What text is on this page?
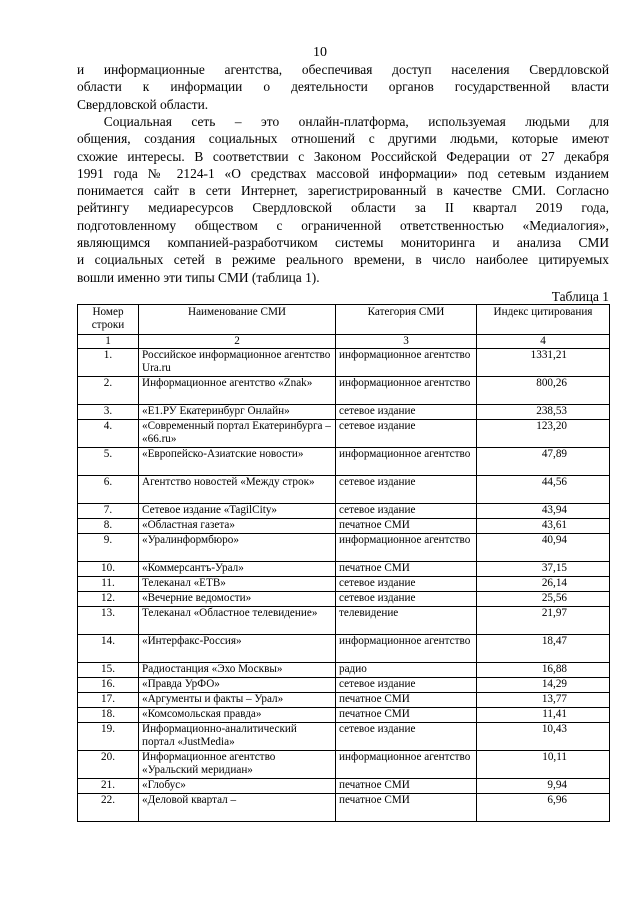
10

и информационные агентства, обеспечивая доступ населения Свердловской
области к информации о деятельности органов государственной власти
Свердловской области.

  Социальная сеть – это онлайн-платформа, используемая людьми для
общения, создания социальных отношений с другими людьми, которые имеют
схожие интересы. В соответствии с Законом Российской Федерации от 27 декабря
1991 года № 2124-1 «О средствах массовой информации» под сетевым изданием
понимается сайт в сети Интернет, зарегистрированный в качестве СМИ. Согласно
рейтингу медиаресурсов Свердловской области за II квартал 2019 года,
подготовленному обществом с ограниченной ответственностью «Медиалогия»,
являющимся компанией-разработчиком системы мониторинга и анализа СМИ
и социальных сетей в режиме реального времени, в число наиболее цитируемых
вошли именно эти типы СМИ (таблица 1).

Таблица 1
Номер строки	Наименование СМИ	Категория СМИ	Индекс цитирования
1	2	3	4
1.	Российское информационное агентство Ura.ru	информационное агентство	1331,21
2.	Информационное агентство «Znak»	информационное агентство	800,26
3.	«Е1.РУ Екатеринбург Онлайн»	сетевое издание	238,53
4.	«Современный портал Екатеринбурга – «66.ru»	сетевое издание	123,20
5.	«Европейско-Азиатские новости»	информационное агентство	47,89
6.	Агентство новостей «Между строк»	сетевое издание	44,56
7.	Сетевое издание «TagilCity»	сетевое издание	43,94
8.	«Областная газета»	печатное СМИ	43,61
9.	«Уралинформбюро»	информационное агентство	40,94
10.	«Коммерсантъ-Урал»	печатное СМИ	37,15
11.	Телеканал «ЕТВ»	сетевое издание	26,14
12.	«Вечерние ведомости»	сетевое издание	25,56
13.	Телеканал «Областное телевидение»	телевидение	21,97
14.	«Интерфакс-Россия»	информационное агентство	18,47
15.	Радиостанция «Эхо Москвы»	радио	16,88
16.	«Правда УрФО»	сетевое издание	14,29
17.	«Аргументы и факты – Урал»	печатное СМИ	13,77
18.	«Комсомольская правда»	печатное СМИ	11,41
19.	Информационно-аналитический портал «JustMedia»	сетевое издание	10,43
20.	Информационное агентство «Уральский меридиан»	информационное агентство	10,11
21.	«Глобус»	печатное СМИ	9,94
22.	«Деловой квартал –	печатное СМИ	6,96
